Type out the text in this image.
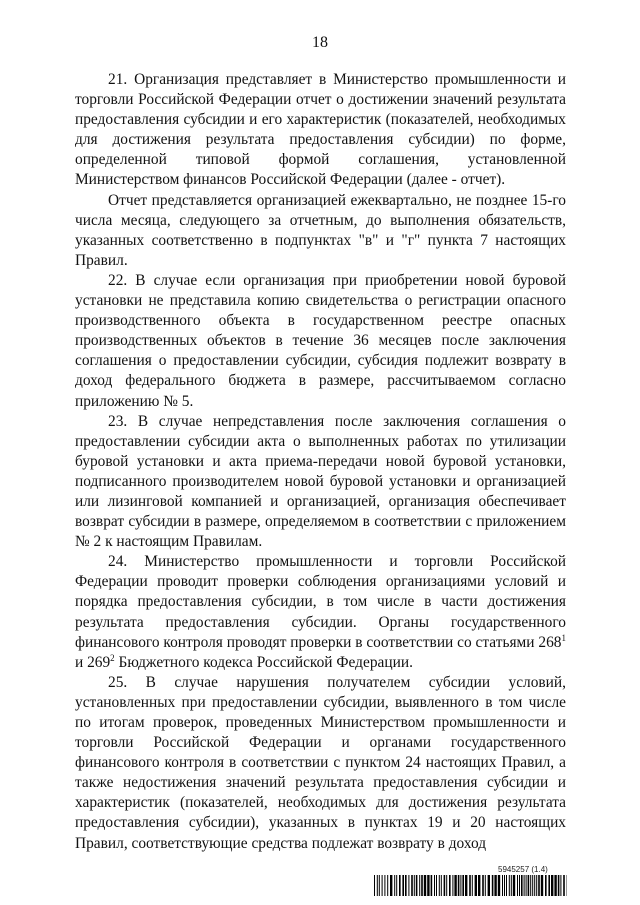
18

21. Организация представляет в Министерство промышленности и торговли Российской Федерации отчет о достижении значений результата предоставления субсидии и его характеристик (показателей, необходимых для достижения результата предоставления субсидии) по форме, определенной типовой формой соглашения, установленной Министерством финансов Российской Федерации (далее - отчет).

Отчет представляется организацией ежеквартально, не позднее 15-го числа месяца, следующего за отчетным, до выполнения обязательств, указанных соответственно в подпунктах "в" и "г" пункта 7 настоящих Правил.

22. В случае если организация при приобретении новой буровой установки не представила копию свидетельства о регистрации опасного производственного объекта в государственном реестре опасных производственных объектов в течение 36 месяцев после заключения соглашения о предоставлении субсидии, субсидия подлежит возврату в доход федерального бюджета в размере, рассчитываемом согласно приложению № 5.

23. В случае непредставления после заключения соглашения о предоставлении субсидии акта о выполненных работах по утилизации буровой установки и акта приема-передачи новой буровой установки, подписанного производителем новой буровой установки и организацией или лизинговой компанией и организацией, организация обеспечивает возврат субсидии в размере, определяемом в соответствии с приложением № 2 к настоящим Правилам.

24. Министерство промышленности и торговли Российской Федерации проводит проверки соблюдения организациями условий и порядка предоставления субсидии, в том числе в части достижения результата предоставления субсидии. Органы государственного финансового контроля проводят проверки в соответствии со статьями $268^1$ и $269^2$ Бюджетного кодекса Российской Федерации.

25. В случае нарушения получателем субсидии условий, установленных при предоставлении субсидии, выявленного в том числе по итогам проверок, проведенных Министерством промышленности и торговли Российской Федерации и органами государственного финансового контроля в соответствии с пунктом 24 настоящих Правил, а также недостижения значений результата предоставления субсидии и характеристик (показателей, необходимых для достижения результата предоставления субсидии), указанных в пунктах 19 и 20 настоящих Правил, соответствующие средства подлежат возврату в доход

5945257 (1.4)
